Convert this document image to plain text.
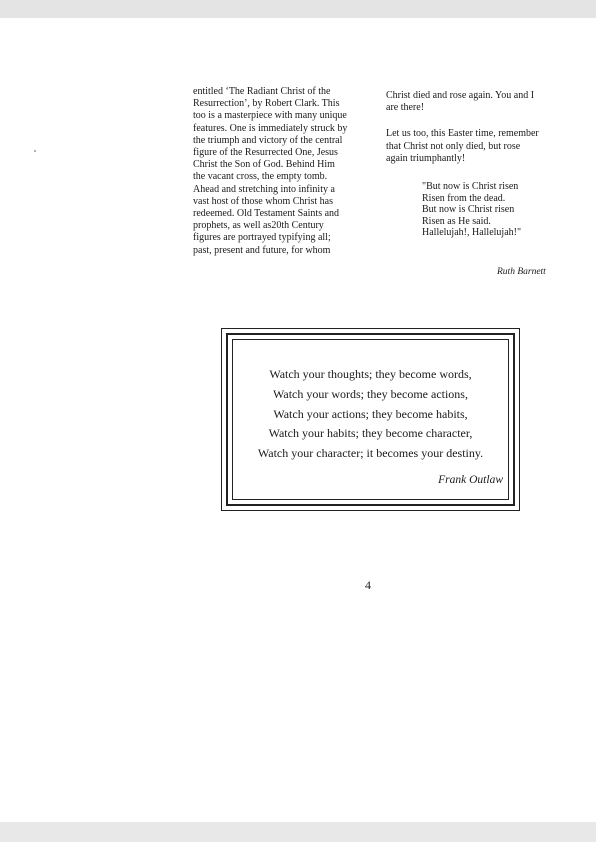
entitled ‘The Radiant Christ of the
Resurrection’, by Robert Clark. This
too is a masterpiece with many unique
features. One is immediately struck by
the triumph and victory of the central
figure of the Resurrected One, Jesus
Christ the Son of God. Behind Him
the vacant cross, the empty tomb.
Ahead and stretching into infinity a
vast host of those whom Christ has
redeemed. Old Testament Saints and
prophets, as well as20th Century
figures are portrayed typifying all;
past, present and future, for whom

Christ died and rose again. You and I
are there!

Let us too, this Easter time, remember
that Christ not only died, but rose
again triumphantly!

"But now is Christ risen
Risen from the dead.
But now is Christ risen
Risen as He said.
Hallelujah!, Hallelujah!"
Ruth Barnett
Watch your thoughts; they become words,
Watch your words; they become actions,
Watch your actions; they become habits,
Watch your habits; they become character,
Watch your character; it becomes your destiny.
Frank Outlaw
4
